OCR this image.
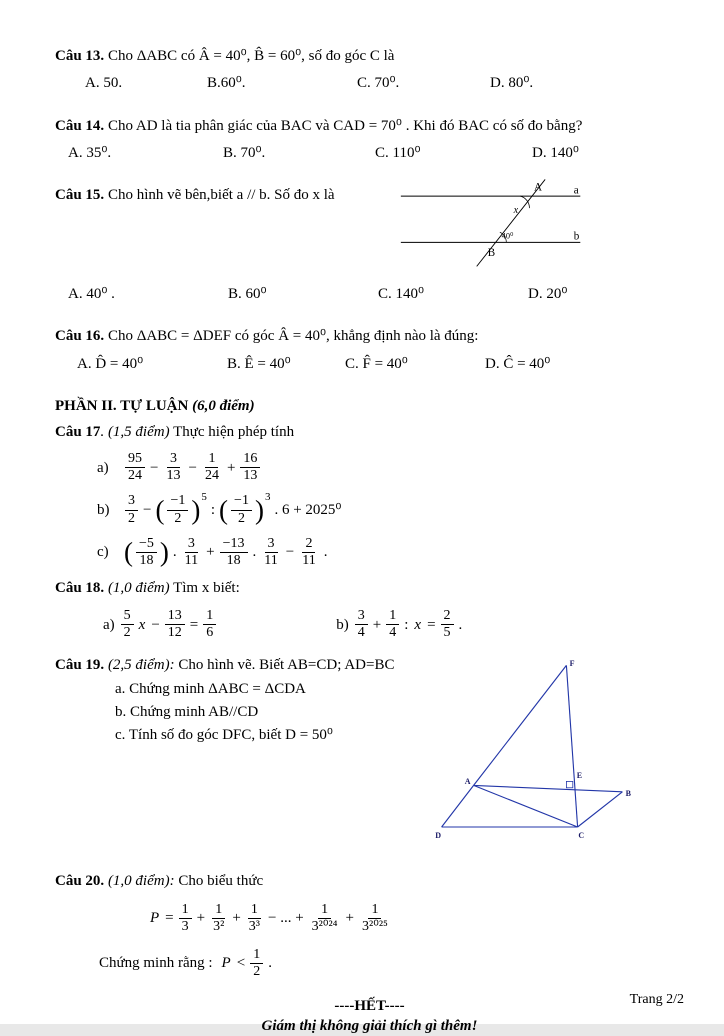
Câu 13. Cho ΔABC có Â = 40⁰, B̂ = 60⁰, số đo góc C là
A. 50.	B.60⁰.	C. 70⁰.	D. 80⁰.
Câu 14. Cho AD là tia phân giác của BAC và CAD = 70⁰ . Khi đó BAC có số đo bằng?
A. 35⁰.	B. 70⁰.	C. 110⁰	D. 140⁰
Câu 15. Cho hình vẽ bên,biết a // b. Số đo x là	A	a
b
B
x
40⁰
A. 40⁰ .	B. 60⁰	C. 140⁰	D. 20⁰
Câu 16. Cho ΔABC = ΔDEF có góc Â = 40⁰, khẳng định nào là đúng:
A. D̂ = 40⁰	B. Ê = 40⁰	C. F̂ = 40⁰	D. Ĉ = 40⁰
PHẦN II. TỰ LUẬN (6,0 điểm)
Câu 17. (1,5 điểm) Thực hiện phép tính
a)	$\frac{95}{24} - \frac{3}{13} - \frac{1}{24} + \frac{16}{13}$
b)	$\frac{3}{2}$ − ( $\frac{-1}{2}$ ) 5
: ( $\frac{-1}{2}$ ) 3
. 6 + 2025⁰
c) ( $\frac{-5}{18}$ ) . $\frac{3}{11} + \frac{-13}{18}$ . $\frac{3}{11} - \frac{2}{11}$ .
Câu 18. (1,0 điểm) Tìm x biết:
$a) \frac{5}{2}$ $x - \frac{13}{12} = \frac{1}{6}$	$b) \frac{3}{4} + \frac{1}{4}$ : $x = \frac{2}{5}$ .
F
A
B
C
D
E
Câu 19. (2,5 điểm): Cho hình vẽ. Biết AB=CD; AD=BC
a. Chứng minh ΔABC = ΔCDA
b. Chứng minh AB//CD
c. Tính số đo góc DFC, biết D = 50⁰
Câu 20. (1,0 điểm): Cho biểu thức
$P = \frac{1}{3} + \frac{1}{\text{3²}} + \frac{1}{\text{3³}}$ − ... + $\frac{1}{\text{3²⁰²⁴}} + \frac{1}{\text{3²⁰²⁵}}$
Chứng minh rằng : $P < \frac{1}{2}$ .
----HẾT----
Giám thị không giải thích gì thêm!
Trang 2/2
